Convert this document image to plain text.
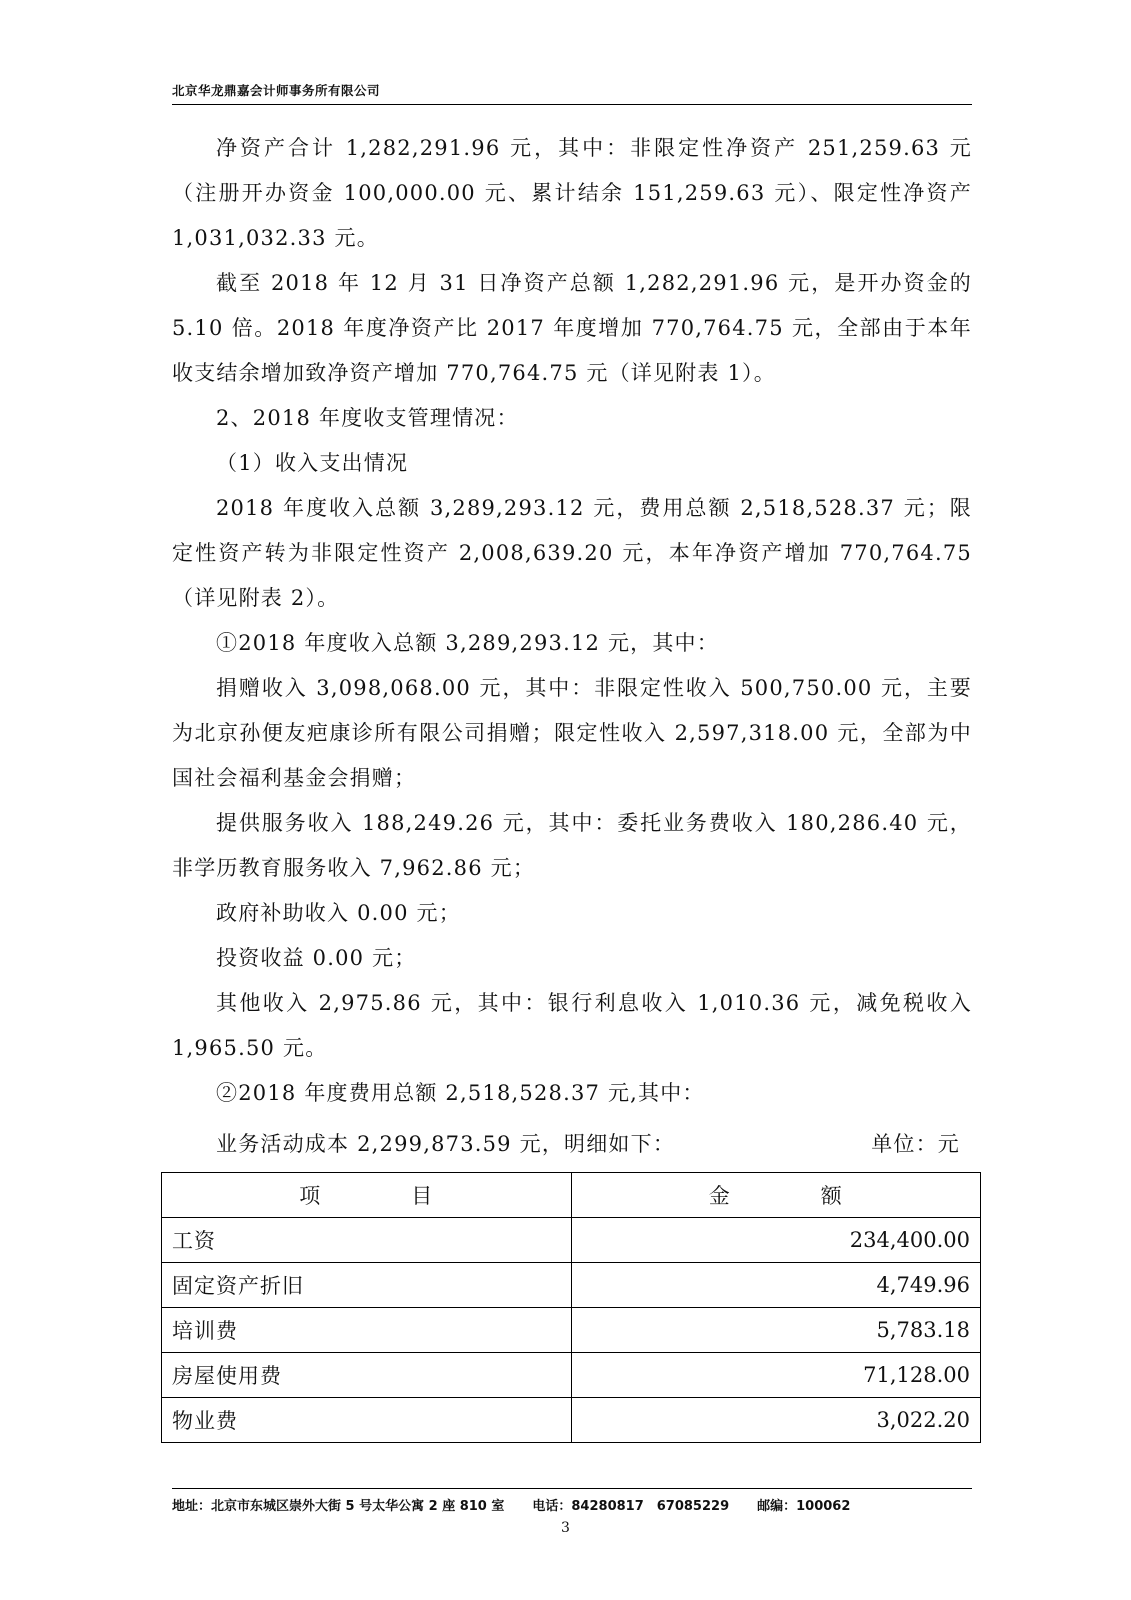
北京华龙鼎嘉会计师事务所有限公司

净资产合计 1,282,291.96 元，其中：非限定性净资产 251,259.63 元（注册开办资金 100,000.00 元、累计结余 151,259.63 元）、限定性净资产 1,031,032.33 元。

截至 2018 年 12 月 31 日净资产总额 1,282,291.96 元，是开办资金的 5.10 倍。2018 年度净资产比 2017 年度增加 770,764.75 元，全部由于本年收支结余增加致净资产增加 770,764.75 元（详见附表 1）。

2、2018 年度收支管理情况：

（1）收入支出情况

2018 年度收入总额 3,289,293.12 元，费用总额 2,518,528.37 元；限定性资产转为非限定性资产 2,008,639.20 元，本年净资产增加 770,764.75（详见附表 2）。

①2018 年度收入总额 3,289,293.12 元，其中：

捐赠收入 3,098,068.00 元，其中：非限定性收入 500,750.00 元，主要为北京孙便友疤康诊所有限公司捐赠；限定性收入 2,597,318.00 元，全部为中国社会福利基金会捐赠；

提供服务收入 188,249.26 元，其中：委托业务费收入 180,286.40 元，非学历教育服务收入 7,962.86 元；

政府补助收入 0.00 元；

投资收益 0.00 元；

其他收入 2,975.86 元，其中：银行利息收入 1,010.36 元，减免税收入 1,965.50 元。

②2018 年度费用总额 2,518,528.37 元,其中：

业务活动成本 2,299,873.59 元，明细如下：	单位：元
项 目	金 额
工资	234,400.00
固定资产折旧	4,749.96
培训费	5,783.18
房屋使用费	71,128.00
物业费	3,022.20
地址：北京市东城区崇外大街 5 号太华公寓 2 座 810 室 电话：84280817　67085229 邮编：100062
3
